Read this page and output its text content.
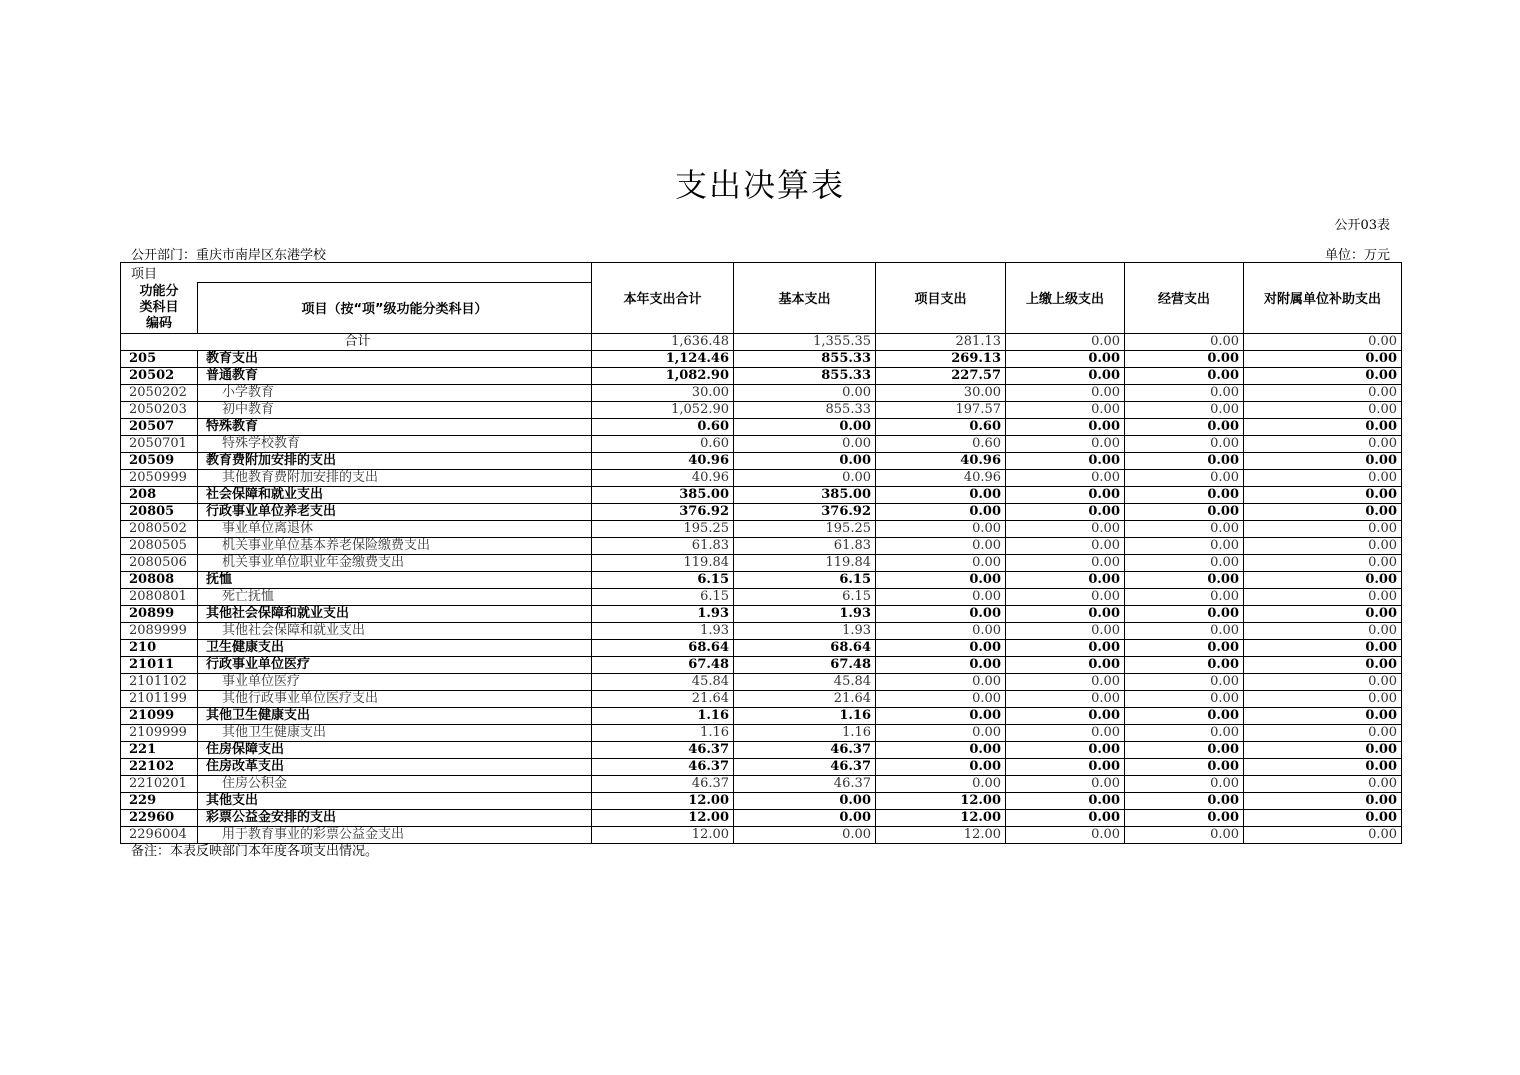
支出决算表
公开03表
公开部门：重庆市南岸区东港学校	单位：万元
项目		本年支出合计	基本支出	项目支出	上缴上级支出	经营支出	对附属单位补助支出

功能分
类科目
编码	项目（按“项”级功能分类科目）						
合计		1,636.48	1,355.35	281.13	0.00	0.00	0.00
205	教育支出	1,124.46	855.33	269.13	0.00	0.00	0.00
20502	普通教育	1,082.90	855.33	227.57	0.00	0.00	0.00
2050202	小学教育	30.00	0.00	30.00	0.00	0.00	0.00
2050203	初中教育	1,052.90	855.33	197.57	0.00	0.00	0.00
20507	特殊教育	0.60	0.00	0.60	0.00	0.00	0.00
2050701	特殊学校教育	0.60	0.00	0.60	0.00	0.00	0.00
20509	教育费附加安排的支出	40.96	0.00	40.96	0.00	0.00	0.00
2050999	其他教育费附加安排的支出	40.96	0.00	40.96	0.00	0.00	0.00
208	社会保障和就业支出	385.00	385.00	0.00	0.00	0.00	0.00
20805	行政事业单位养老支出	376.92	376.92	0.00	0.00	0.00	0.00
2080502	事业单位离退休	195.25	195.25	0.00	0.00	0.00	0.00
2080505	机关事业单位基本养老保险缴费支出	61.83	61.83	0.00	0.00	0.00	0.00
2080506	机关事业单位职业年金缴费支出	119.84	119.84	0.00	0.00	0.00	0.00
20808	抚恤	6.15	6.15	0.00	0.00	0.00	0.00
2080801	死亡抚恤	6.15	6.15	0.00	0.00	0.00	0.00
20899	其他社会保障和就业支出	1.93	1.93	0.00	0.00	0.00	0.00
2089999	其他社会保障和就业支出	1.93	1.93	0.00	0.00	0.00	0.00
210	卫生健康支出	68.64	68.64	0.00	0.00	0.00	0.00
21011	行政事业单位医疗	67.48	67.48	0.00	0.00	0.00	0.00
2101102	事业单位医疗	45.84	45.84	0.00	0.00	0.00	0.00
2101199	其他行政事业单位医疗支出	21.64	21.64	0.00	0.00	0.00	0.00
21099	其他卫生健康支出	1.16	1.16	0.00	0.00	0.00	0.00
2109999	其他卫生健康支出	1.16	1.16	0.00	0.00	0.00	0.00
221	住房保障支出	46.37	46.37	0.00	0.00	0.00	0.00
22102	住房改革支出	46.37	46.37	0.00	0.00	0.00	0.00
2210201	住房公积金	46.37	46.37	0.00	0.00	0.00	0.00
229	其他支出	12.00	0.00	12.00	0.00	0.00	0.00
22960	彩票公益金安排的支出	12.00	0.00	12.00	0.00	0.00	0.00
2296004	用于教育事业的彩票公益金支出	12.00	0.00	12.00	0.00	0.00	0.00
备注：本表反映部门本年度各项支出情况。
